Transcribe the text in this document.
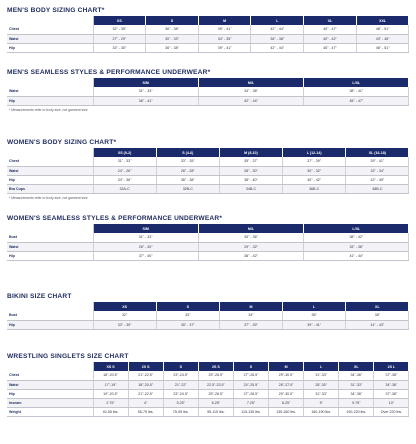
MEN'S BODY SIZING CHART*
	XS	S	M	L	XL	XXL
Chest	32" - 35"	36" - 38"	39" - 41"	42" - 44"	45" - 47"	48" - 51"
Waist	27" - 29"	30" - 33"	34" - 35"	36" - 38"	40" - 42"	43" - 45"
Hip	33" - 35"	36" - 38"	39" - 41"	42" - 44"	45" - 47"	48" - 51"
MEN'S SEAMLESS STYLES & PERFORMANCE UNDERWEAR*
	S/M	M/L	L/XL
Waist	31" - 33"	34" - 38"	38" - 41"
Hip	36" - 41"	42" - 44"	45" - 47"
* Measurements refer to body size, not garment size
WOMEN'S BODY SIZING CHART*
	XS (0-2)	S (4-6)	M (8-10)	L (12-14)	XL (16-18)
Chest	31" - 33"	33" - 35"	35" - 37"	37" - 39"	39" - 41"
Waist	24" - 26"	26" - 28"	28" - 30"	30" - 32"	32" - 34"
Hip	34" - 36"	36" - 38"	38" - 40"	40" - 42"	42" - 45"
Bra Cups	32A-C	32B-C	34B-C	36B-C	38B-C
* Measurements refer to body size, not garment size
WOMEN'S SEAMLESS STYLES & PERFORMANCE UNDERWEAR*
	S/M	M/L	L/XL
Bust	31" - 33"	35" - 36"	38" - 42"
Waist	26" - 30"	29" - 32"	33" - 36"
Hip	37" - 40"	38" - 42"	41" - 44"
BIKINI SIZE CHART
	XS	S	M	L	XL
Bust	32"	33"	34"	36"	38"
Hip	33" - 35"	35" - 37"	37" - 39"	39" - 41"	41" - 43"
WRESTLING SINGLETS SIZE CHART
	XS S	2X S	S	2S S	S	M	L	XL	2S L
Chest	18"-20.5"	21"-22.5"	23"-24.5"	25"-26.5"	27"-28.5"	29"-30.5"	31"-33"	34"-36"	37"-38"
Waist	17"-19"	18"-20.5"	21"-22"	22.5"-23.5"	24"-25.5"	26"-27.5"	28"-30"	31"-33"	34"-36"
Hip	19"-20.5"	21"-22.5"	23"-24.5"	25"-26.5"	27"-28.5"	29"-30.5"	31"-33"	34"-36"	37"-38"
Inseam	2.75"	4"	5.25"	6.25"	7.25"	8.25"	9"	9.75"	10"
Weight	40-55 lbs.	55-75 lbs.	75-95 lbs.	95-115 lbs.	115-135 lbs.	135-160 lbs.	160-190 lbs.	190-220 lbs.	Over 220 lbs.
